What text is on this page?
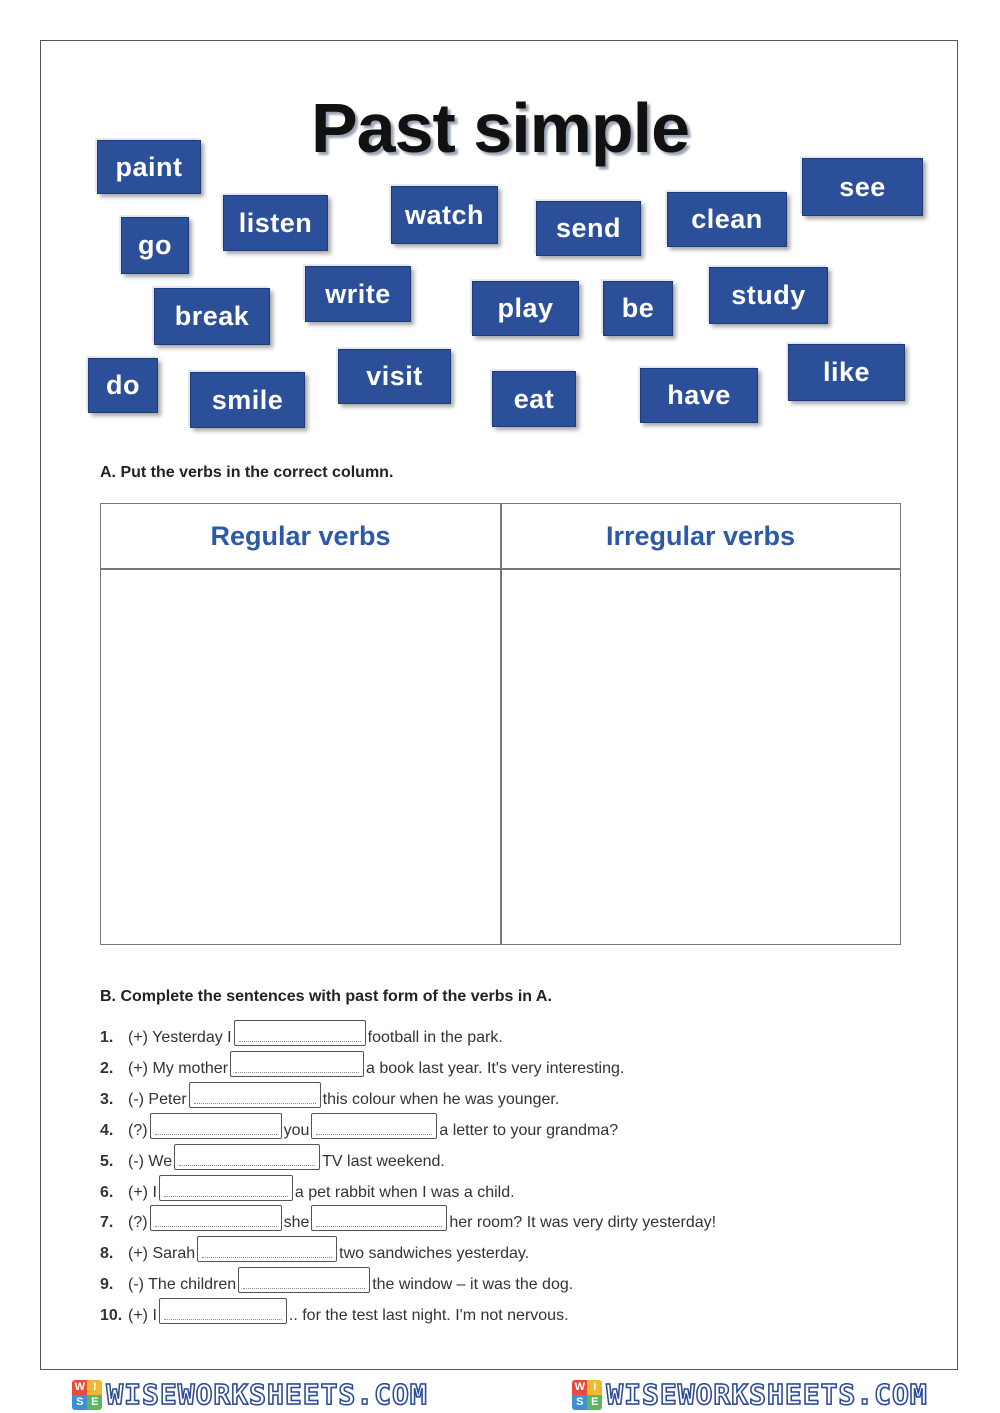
Past simple
paint
go
listen	watch	send	clean
see
break
write	play	be	study
do	smile
visit
eat	have
like
A. Put the verbs in the correct column.
Regular verbs	Irregular verbs
B. Complete the sentences with past form of the verbs in A.
1. (+) Yesterday I	football in the park.
2. (+) My mother	a book last year. It's very interesting.
3. (-) Peter	this colour when he was younger.
4. (?)	you	a letter to your grandma?
5. (-) We	TV last weekend.
6. (+) I	a pet rabbit when I was a child.
7. (?)	she	her room? It was very dirty yesterday!
8. (+) Sarah	two sandwiches yesterday.
9. (-) The children	the window – it was the dog.
10. (+) I	.. for the test last night. I'm not nervous.
W I
S E WISEWORKSHEETS.COM	W I
S E WISEWORKSHEETS.COM
